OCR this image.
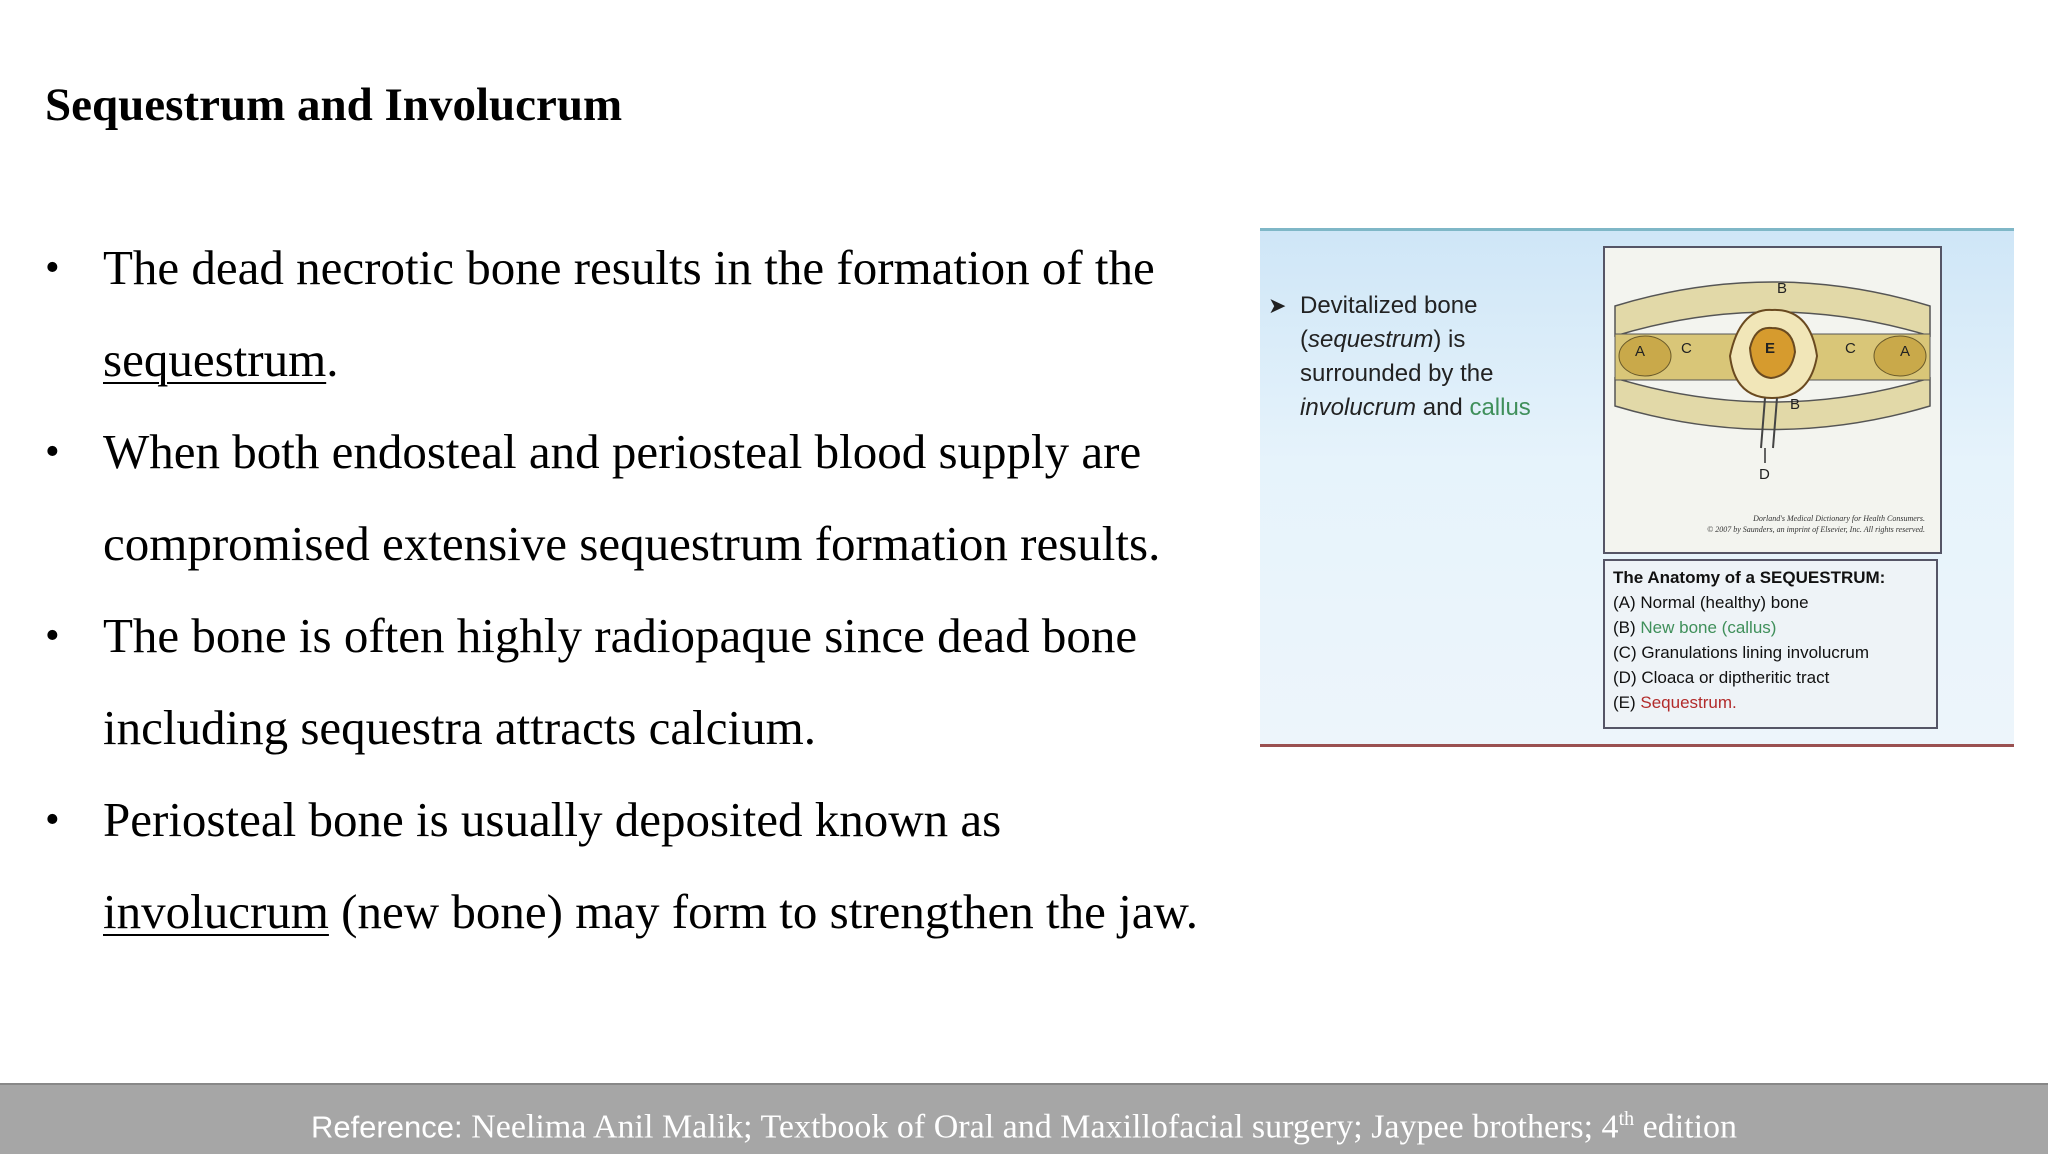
Sequestrum and Involucrum
• The dead necrotic bone results in the formation of the sequestrum.
• When both endosteal and periosteal blood supply are compromised extensive sequestrum formation results.
• The bone is often highly radiopaque since dead bone including sequestra attracts calcium.
• Periosteal bone is usually deposited known as involucrum (new bone) may form to strengthen the jaw.
➤ Devitalized bone
(sequestrum) is
surrounded by the
involucrum and callus
A	A
B
B
C	C
E
D
Dorland's Medical Dictionary for Health Consumers.
© 2007 by Saunders, an imprint of Elsevier, Inc. All rights reserved.
The Anatomy of a SEQUESTRUM:
(A) Normal (healthy) bone
(B) New bone (callus)
(C) Granulations lining involucrum
(D) Cloaca or diptheritic tract
(E) Sequestrum.
Reference: Neelima Anil Malik; Textbook of Oral and Maxillofacial surgery; Jaypee brothers; 4th edition
